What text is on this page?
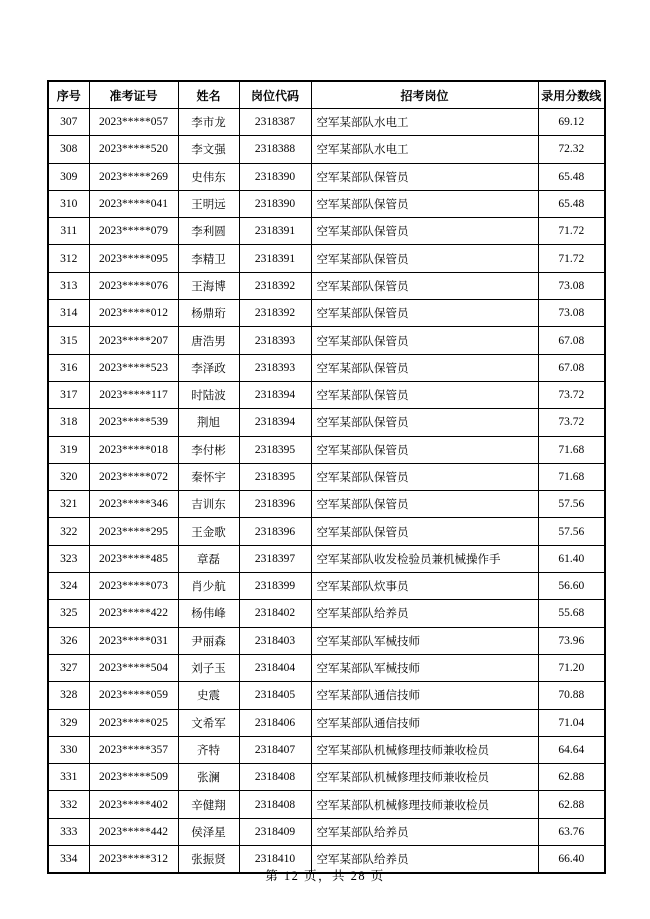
序号	准考证号	姓名	岗位代码	招考岗位	录用分数线
307	2023*****057	李市龙	2318387	空军某部队水电工	69.12
308	2023*****520	李文强	2318388	空军某部队水电工	72.32
309	2023*****269	史伟东	2318390	空军某部队保管员	65.48
310	2023*****041	王明远	2318390	空军某部队保管员	65.48
311	2023*****079	李利圆	2318391	空军某部队保管员	71.72
312	2023*****095	李精卫	2318391	空军某部队保管员	71.72
313	2023*****076	王海博	2318392	空军某部队保管员	73.08
314	2023*****012	杨鼎珩	2318392	空军某部队保管员	73.08
315	2023*****207	唐浩男	2318393	空军某部队保管员	67.08
316	2023*****523	李泽政	2318393	空军某部队保管员	67.08
317	2023*****117	时陆波	2318394	空军某部队保管员	73.72
318	2023*****539	荆旭	2318394	空军某部队保管员	73.72
319	2023*****018	李付彬	2318395	空军某部队保管员	71.68
320	2023*****072	秦怀宇	2318395	空军某部队保管员	71.68
321	2023*****346	吉训东	2318396	空军某部队保管员	57.56
322	2023*****295	王金歌	2318396	空军某部队保管员	57.56
323	2023*****485	章磊	2318397	空军某部队收发检验员兼机械操作手	61.40
324	2023*****073	肖少航	2318399	空军某部队炊事员	56.60
325	2023*****422	杨伟峰	2318402	空军某部队给养员	55.68
326	2023*****031	尹丽森	2318403	空军某部队军械技师	73.96
327	2023*****504	刘子玉	2318404	空军某部队军械技师	71.20
328	2023*****059	史震	2318405	空军某部队通信技师	70.88
329	2023*****025	文希军	2318406	空军某部队通信技师	71.04
330	2023*****357	齐特	2318407	空军某部队机械修理技师兼收检员	64.64
331	2023*****509	张澜	2318408	空军某部队机械修理技师兼收检员	62.88
332	2023*****402	辛健翔	2318408	空军某部队机械修理技师兼收检员	62.88
333	2023*****442	侯泽星	2318409	空军某部队给养员	63.76
334	2023*****312	张振贤	2318410	空军某部队给养员	66.40
第 12 页，共 28 页
